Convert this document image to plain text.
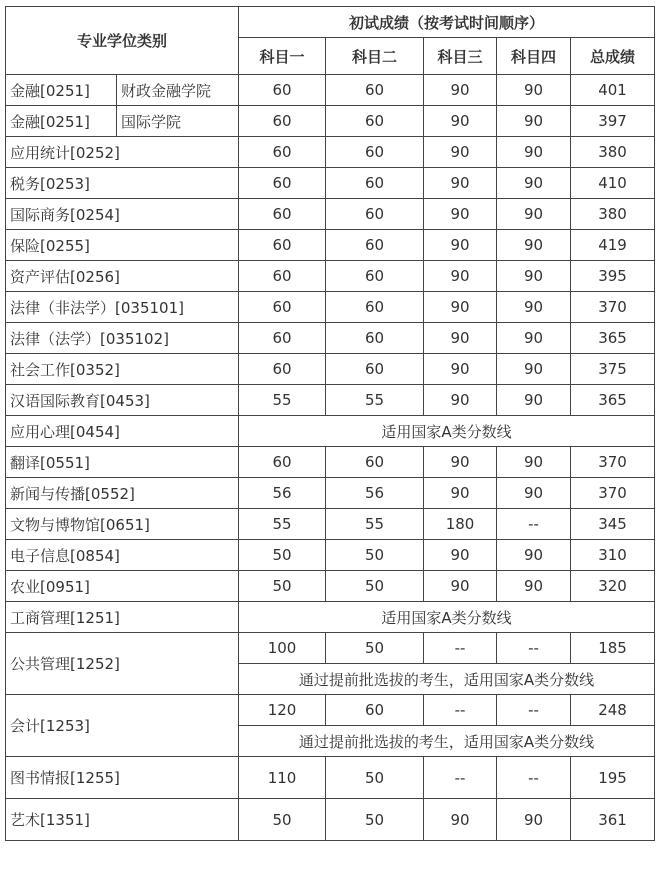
专业学位类别		初试成绩（按考试时间顺序）				
		科目一	科目二	科目三	科目四	总成绩
金融[0251]	财政金融学院	60	60	90	90	401
金融[0251]	国际学院	60	60	90	90	397
应用统计[0252]		60	60	90	90	380
税务[0253]		60	60	90	90	410
国际商务[0254]		60	60	90	90	380
保险[0255]		60	60	90	90	419
资产评估[0256]		60	60	90	90	395
法律（非法学）[035101]		60	60	90	90	370
法律（法学）[035102]		60	60	90	90	365
社会工作[0352]		60	60	90	90	375
汉语国际教育[0453]		55	55	90	90	365
应用心理[0454]		适用国家A类分数线				
翻译[0551]		60	60	90	90	370
新闻与传播[0552]		56	56	90	90	370
文物与博物馆[0651]		55	55	180	--	345
电子信息[0854]		50	50	90	90	310
农业[0951]		50	50	90	90	320
工商管理[1251]		适用国家A类分数线				
公共管理[1252]		100	50	--	--	185
		通过提前批选拔的考生，适用国家A类分数线				
会计[1253]		120	60	--	--	248
		通过提前批选拔的考生，适用国家A类分数线				
图书情报[1255]		110	50	--	--	195
艺术[1351]		50	50	90	90	361
